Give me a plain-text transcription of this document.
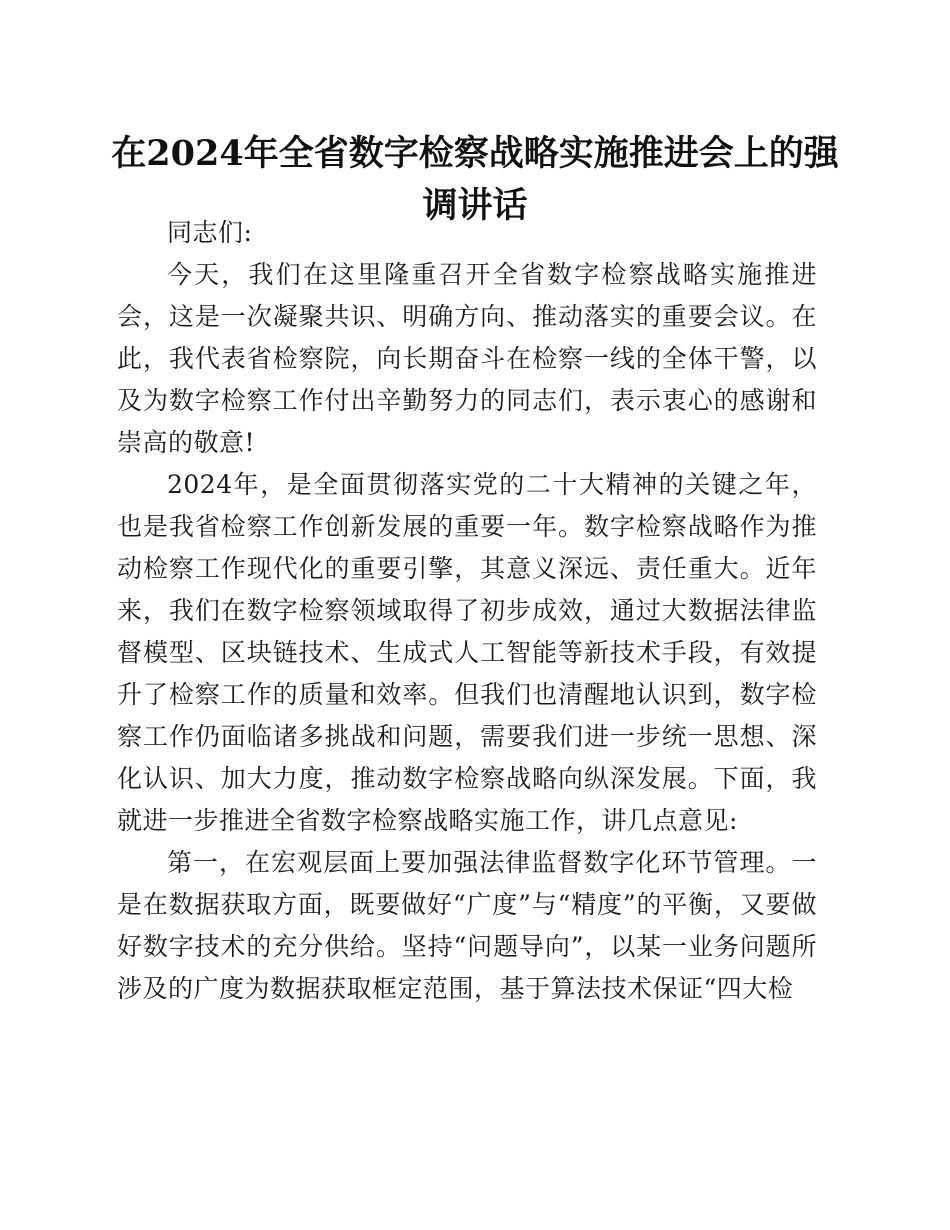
在2024年全省数字检察战略实施推进会上的强调讲话

同志们:

今天，我们在这里隆重召开全省数字检察战略实施推进会，这是一次凝聚共识、明确方向、推动落实的重要会议。在此，我代表省检察院，向长期奋斗在检察一线的全体干警，以及为数字检察工作付出辛勤努力的同志们，表示衷心的感谢和崇高的敬意!

2024年，是全面贯彻落实党的二十大精神的关键之年，也是我省检察工作创新发展的重要一年。数字检察战略作为推动检察工作现代化的重要引擎，其意义深远、责任重大。近年来，我们在数字检察领域取得了初步成效，通过大数据法律监督模型、区块链技术、生成式人工智能等新技术手段，有效提升了检察工作的质量和效率。但我们也清醒地认识到，数字检察工作仍面临诸多挑战和问题，需要我们进一步统一思想、深化认识、加大力度，推动数字检察战略向纵深发展。下面，我就进一步推进全省数字检察战略实施工作，讲几点意见:

第一，在宏观层面上要加强法律监督数字化环节管理。一是在数据获取方面，既要做好“广度”与“精度”的平衡，又要做好数字技术的充分供给。坚持“问题导向”，以某一业务问题所涉及的广度为数据获取框定范围，基于算法技术保证“四大检
